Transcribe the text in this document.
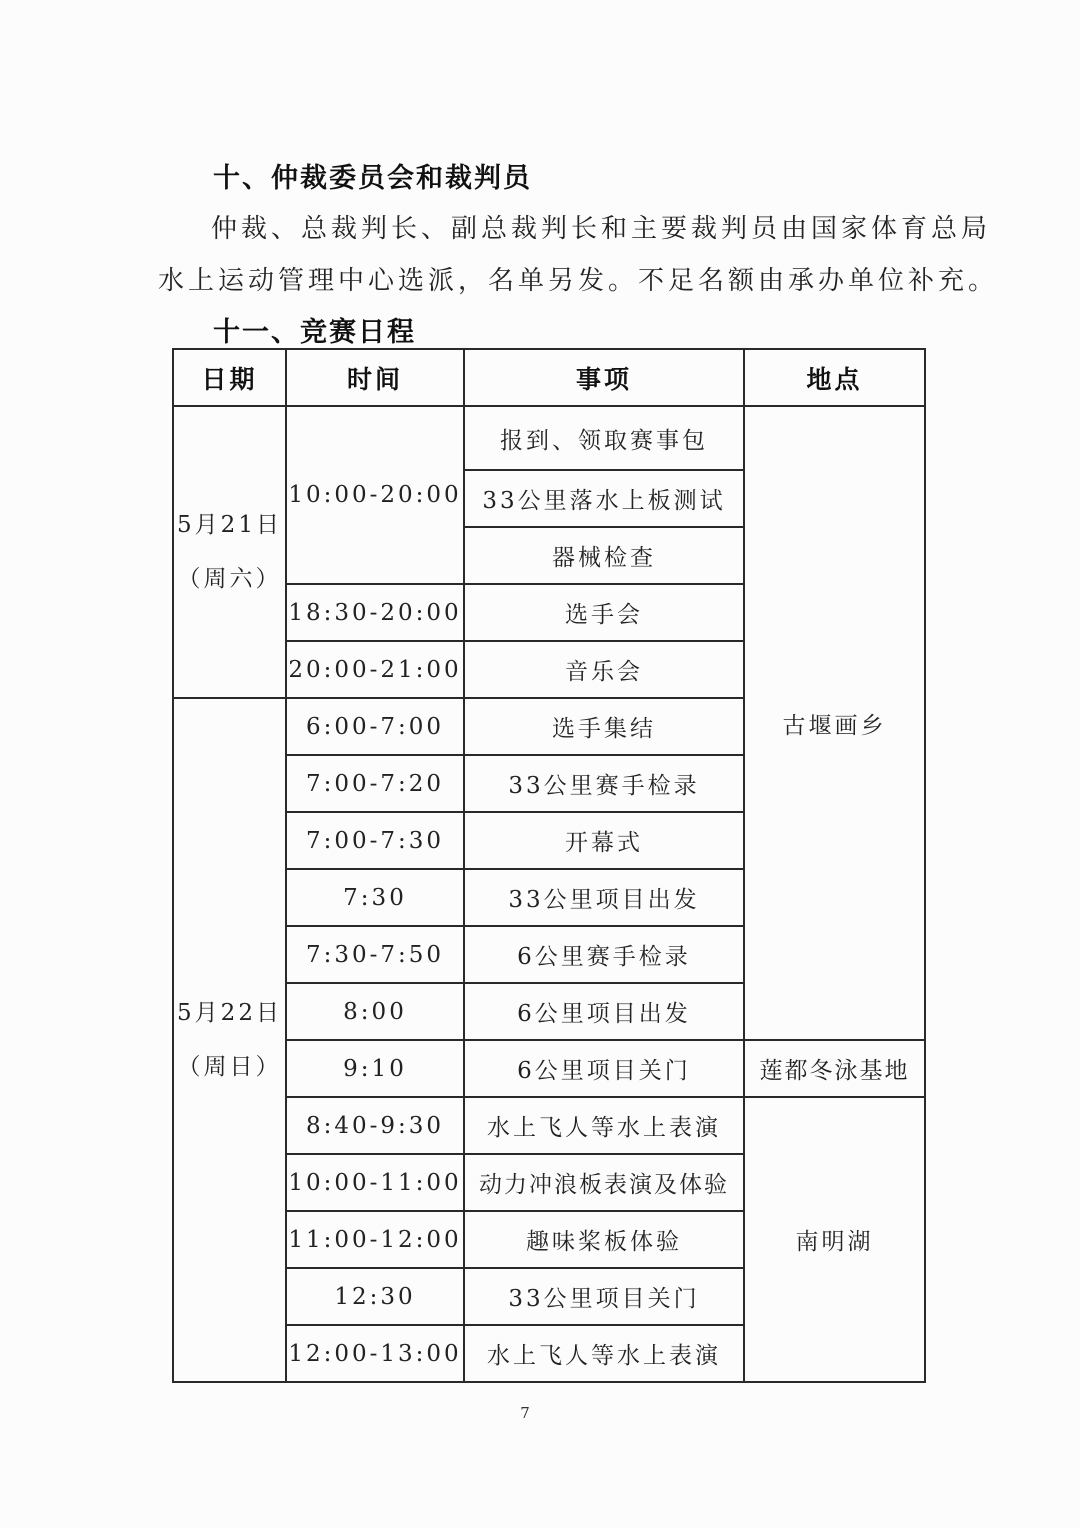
十、仲裁委员会和裁判员
仲裁、总裁判长、副总裁判长和主要裁判员由国家体育总局
水上运动管理中心选派，名单另发。不足名额由承办单位补充。
十一、竞赛日程
日期	时间	事项	地点

5月21日
（周六）	10:00-20:00	报到、领取赛事包	古堰画乡
		33公里落水上板测试	
		器械检查	
	18:30-20:00	选手会	
	20:00-21:00	音乐会	

5月22日
（周日）	6:00-7:00	选手集结	
	7:00-7:20	33公里赛手检录	
	7:00-7:30	开幕式	
	7:30	33公里项目出发	
	7:30-7:50	6公里赛手检录	
	8:00	6公里项目出发	
	9:10	6公里项目关门	莲都冬泳基地
	8:40-9:30	水上飞人等水上表演	南明湖
	10:00-11:00	动力冲浪板表演及体验	
	11:00-12:00	趣味桨板体验	
	12:30	33公里项目关门	
	12:00-13:00	水上飞人等水上表演	
7
